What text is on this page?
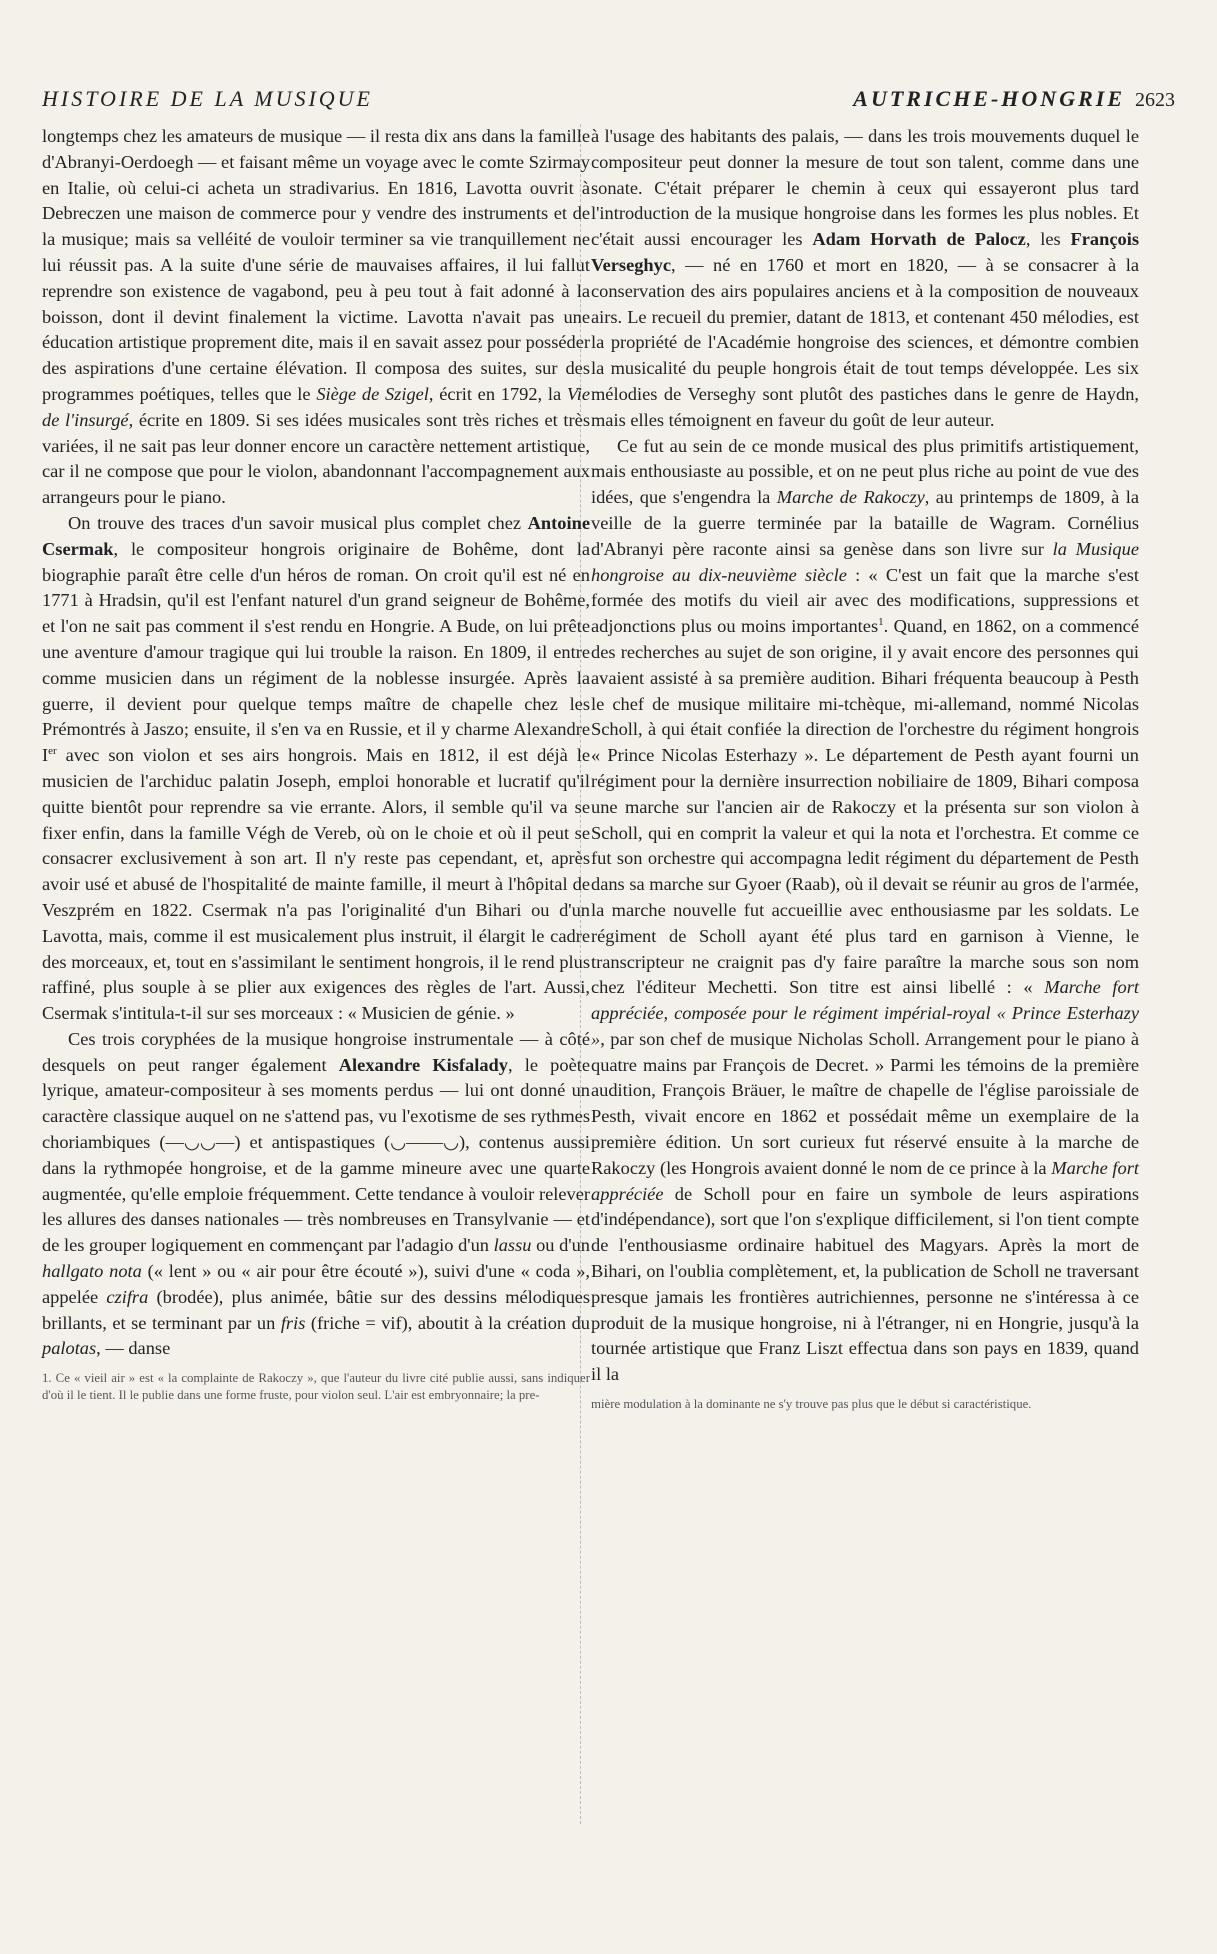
HISTOIRE DE LA MUSIQUE	AUTRICHE-HONGRIE 2623

longtemps chez les amateurs de musique — il resta dix ans dans la famille d'Abranyi-Oerdoegh — et faisant même un voyage avec le comte Szirmay en Italie, où celui-ci acheta un stradivarius. En 1816, Lavotta ouvrit à Debreczen une maison de commerce pour y vendre des instruments et de la musique; mais sa velléité de vouloir terminer sa vie tranquillement ne lui réussit pas. A la suite d'une série de mauvaises affaires, il lui fallut reprendre son existence de vagabond, peu à peu tout à fait adonné à la boisson, dont il devint finalement la victime. Lavotta n'avait pas une éducation artistique proprement dite, mais il en savait assez pour posséder des aspirations d'une certaine élévation. Il composa des suites, sur des programmes poétiques, telles que le Siège de Szigel, écrit en 1792, la Vie de l'insurgé, écrite en 1809. Si ses idées musicales sont très riches et très variées, il ne sait pas leur donner encore un caractère nettement artistique, car il ne compose que pour le violon, abandonnant l'accompagnement aux arrangeurs pour le piano.

On trouve des traces d'un savoir musical plus complet chez Antoine Csermak, le compositeur hongrois originaire de Bohême, dont la biographie paraît être celle d'un héros de roman. On croit qu'il est né en 1771 à Hradsin, qu'il est l'enfant naturel d'un grand seigneur de Bohême, et l'on ne sait pas comment il s'est rendu en Hongrie. A Bude, on lui prête une aventure d'amour tragique qui lui trouble la raison. En 1809, il entre comme musicien dans un régiment de la noblesse insurgée. Après la guerre, il devient pour quelque temps maître de chapelle chez les Prémontrés à Jaszo; ensuite, il s'en va en Russie, et il y charme Alexandre Ier avec son violon et ses airs hongrois. Mais en 1812, il est déjà le musicien de l'archiduc palatin Joseph, emploi honorable et lucratif qu'il quitte bientôt pour reprendre sa vie errante. Alors, il semble qu'il va se fixer enfin, dans la famille Végh de Vereb, où on le choie et où il peut se consacrer exclusivement à son art. Il n'y reste pas cependant, et, après avoir usé et abusé de l'hospitalité de mainte famille, il meurt à l'hôpital de Veszprém en 1822. Csermak n'a pas l'originalité d'un Bihari ou d'un Lavotta, mais, comme il est musicalement plus instruit, il élargit le cadre des morceaux, et, tout en s'assimilant le sentiment hongrois, il le rend plus raffiné, plus souple à se plier aux exigences des règles de l'art. Aussi, Csermak s'intitula-t-il sur ses morceaux : « Musicien de génie. »

Ces trois coryphées de la musique hongroise instrumentale — à côté desquels on peut ranger également Alexandre Kisfalady, le poète lyrique, amateur-compositeur à ses moments perdus — lui ont donné un caractère classique auquel on ne s'attend pas, vu l'exotisme de ses rythmes choriambiques (—◡◡—) et antispastiques (◡——◡), contenus aussi dans la rythmopée hongroise, et de la gamme mineure avec une quarte augmentée, qu'elle emploie fréquemment. Cette tendance à vouloir relever les allures des danses nationales — très nombreuses en Transylvanie — et de les grouper logiquement en commençant par l'adagio d'un lassu ou d'un hallgato nota (« lent » ou « air pour être écouté »), suivi d'une « coda », appelée czifra (brodée), plus animée, bâtie sur des dessins mélodiques brillants, et se terminant par un fris (friche = vif), aboutit à la création du palotas, — danse

1. Ce « vieil air » est « la complainte de Rakoczy », que l'auteur du livre cité publie aussi, sans indiquer d'où il le tient. Il le publie dans une forme fruste, pour violon seul. L'air est embryonnaire; la pre-

à l'usage des habitants des palais, — dans les trois mouvements duquel le compositeur peut donner la mesure de tout son talent, comme dans une sonate. C'était préparer le chemin à ceux qui essayeront plus tard l'introduction de la musique hongroise dans les formes les plus nobles. Et c'était aussi encourager les Adam Horvath de Palocz, les François Verseghyc, — né en 1760 et mort en 1820, — à se consacrer à la conservation des airs populaires anciens et à la composition de nouveaux airs. Le recueil du premier, datant de 1813, et contenant 450 mélodies, est la propriété de l'Académie hongroise des sciences, et démontre combien la musicalité du peuple hongrois était de tout temps développée. Les six mélodies de Verseghy sont plutôt des pastiches dans le genre de Haydn, mais elles témoignent en faveur du goût de leur auteur.

Ce fut au sein de ce monde musical des plus primitifs artistiquement, mais enthousiaste au possible, et on ne peut plus riche au point de vue des idées, que s'engendra la Marche de Rakoczy, au printemps de 1809, à la veille de la guerre terminée par la bataille de Wagram. Cornélius d'Abranyi père raconte ainsi sa genèse dans son livre sur la Musique hongroise au dix-neuvième siècle : « C'est un fait que la marche s'est formée des motifs du vieil air avec des modifications, suppressions et adjonctions plus ou moins importantes$^1$. Quand, en 1862, on a commencé des recherches au sujet de son origine, il y avait encore des personnes qui avaient assisté à sa première audition. Bihari fréquenta beaucoup à Pesth le chef de musique militaire mi-tchèque, mi-allemand, nommé Nicolas Scholl, à qui était confiée la direction de l'orchestre du régiment hongrois « Prince Nicolas Esterhazy ». Le département de Pesth ayant fourni un régiment pour la dernière insurrection nobiliaire de 1809, Bihari composa une marche sur l'ancien air de Rakoczy et la présenta sur son violon à Scholl, qui en comprit la valeur et qui la nota et l'orchestra. Et comme ce fut son orchestre qui accompagna ledit régiment du département de Pesth dans sa marche sur Gyoer (Raab), où il devait se réunir au gros de l'armée, la marche nouvelle fut accueillie avec enthousiasme par les soldats. Le régiment de Scholl ayant été plus tard en garnison à Vienne, le transcripteur ne craignit pas d'y faire paraître la marche sous son nom chez l'éditeur Mechetti. Son titre est ainsi libellé : « Marche fort appréciée, composée pour le régiment impérial-royal « Prince Esterhazy », par son chef de musique Nicholas Scholl. Arrangement pour le piano à quatre mains par François de Decret. » Parmi les témoins de la première audition, François Bräuer, le maître de chapelle de l'église paroissiale de Pesth, vivait encore en 1862 et possédait même un exemplaire de la première édition. Un sort curieux fut réservé ensuite à la marche de Rakoczy (les Hongrois avaient donné le nom de ce prince à la Marche fort appréciée de Scholl pour en faire un symbole de leurs aspirations d'indépendance), sort que l'on s'explique difficilement, si l'on tient compte de l'enthousiasme ordinaire habituel des Magyars. Après la mort de Bihari, on l'oublia complètement, et, la publication de Scholl ne traversant presque jamais les frontières autrichiennes, personne ne s'intéressa à ce produit de la musique hongroise, ni à l'étranger, ni en Hongrie, jusqu'à la tournée artistique que Franz Liszt effectua dans son pays en 1839, quand il la

mière modulation à la dominante ne s'y trouve pas plus que le début si caractéristique.
